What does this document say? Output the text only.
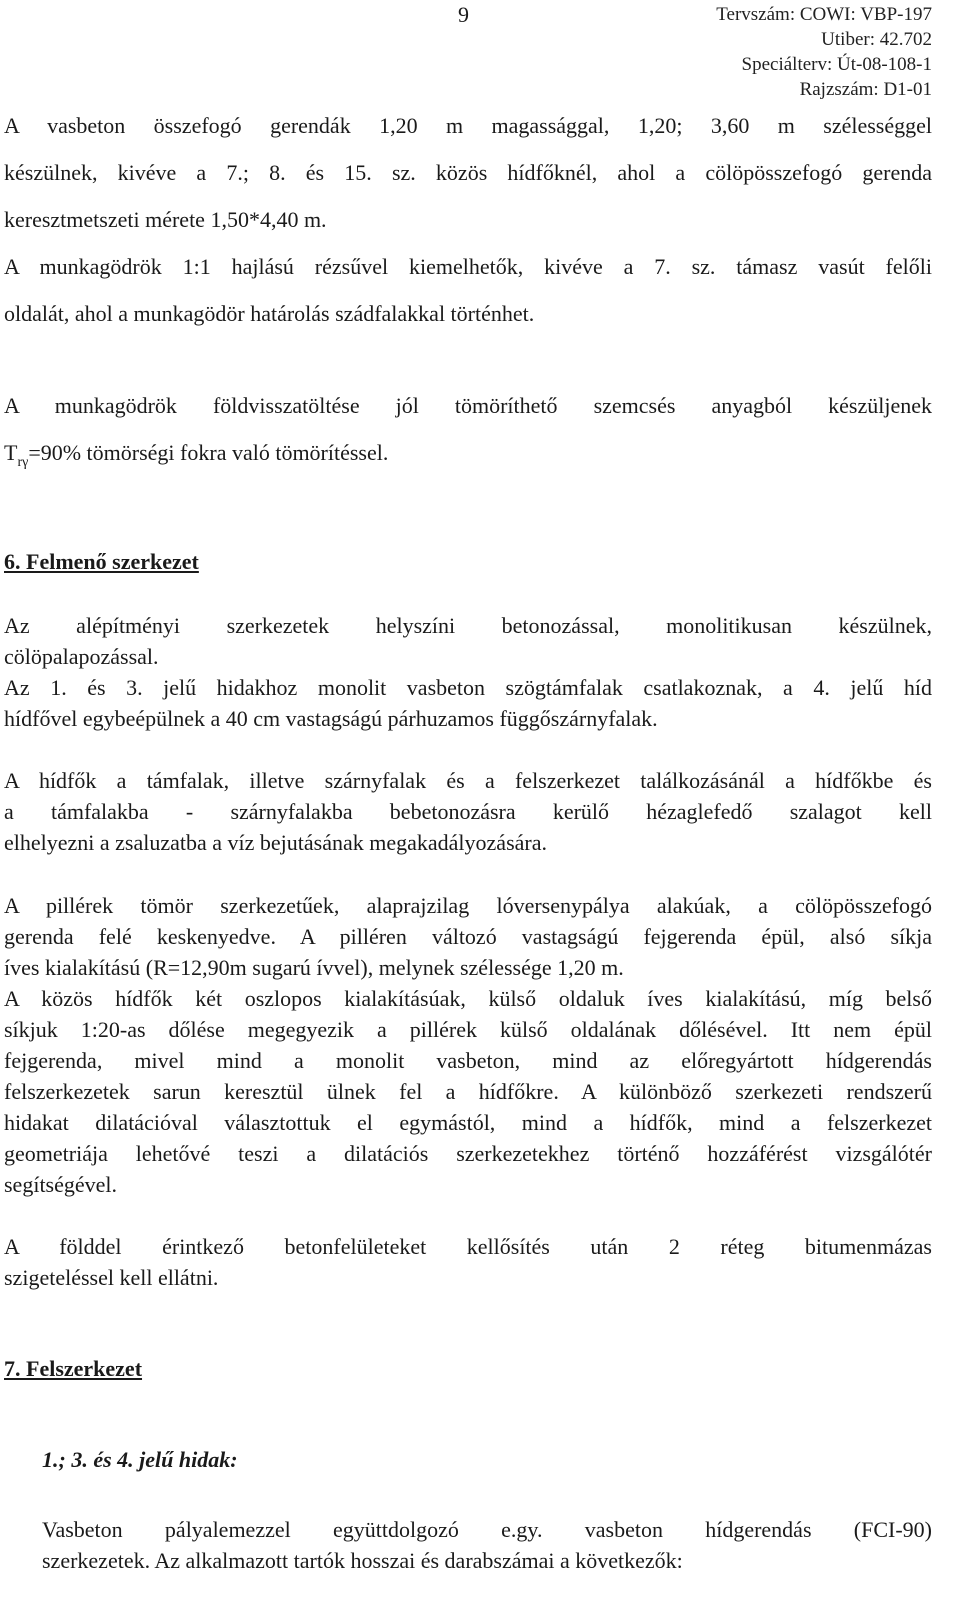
9	Tervszám: COWI: VBP-197
Utiber: 42.702
Speciálterv: Út-08-108-1
Rajzszám: D1-01
A vasbeton összefogó gerendák 1,20 m magassággal, 1,20; 3,60 m szélességgel
készülnek, kivéve a 7.; 8. és 15. sz. közös hídfőknél, ahol a cölöpösszefogó gerenda
keresztmetszeti mérete 1,50*4,40 m.
A munkagödrök 1:1 hajlású rézsűvel kiemelhetők, kivéve a 7. sz. támasz vasút felőli
oldalát, ahol a munkagödör határolás szádfalakkal történhet.
A munkagödrök földvisszatöltése jól tömöríthető szemcsés anyagból készüljenek
$T_{r\gamma}=90\%$ tömörségi fokra való tömörítéssel.
6. Felmenő szerkezet
Az alépítményi szerkezetek helyszíni betonozással, monolitikusan készülnek,
cölöpalapozással.
Az 1. és 3. jelű hidakhoz monolit vasbeton szögtámfalak csatlakoznak, a 4. jelű híd
hídfővel egybeépülnek a 40 cm vastagságú párhuzamos függőszárnyfalak.
A hídfők a támfalak, illetve szárnyfalak és a felszerkezet találkozásánál a hídfőkbe és
a támfalakba - szárnyfalakba bebetonozásra kerülő hézaglefedő szalagot kell
elhelyezni a zsaluzatba a víz bejutásának megakadályozására.
A pillérek tömör szerkezetűek, alaprajzilag lóversenypálya alakúak, a cölöpösszefogó
gerenda felé keskenyedve. A pilléren változó vastagságú fejgerenda épül, alsó síkja
íves kialakítású (R=12,90m sugarú ívvel), melynek szélessége 1,20 m.
A közös hídfők két oszlopos kialakításúak, külső oldaluk íves kialakítású, míg belső
síkjuk 1:20-as dőlése megegyezik a pillérek külső oldalának dőlésével. Itt nem épül
fejgerenda, mivel mind a monolit vasbeton, mind az előregyártott hídgerendás
felszerkezetek sarun keresztül ülnek fel a hídfőkre. A különböző szerkezeti rendszerű
hidakat dilatációval választottuk el egymástól, mind a hídfők, mind a felszerkezet
geometriája lehetővé teszi a dilatációs szerkezetekhez történő hozzáférést vizsgálótér
segítségével.
A földdel érintkező betonfelületeket kellősítés után 2 réteg bitumenmázas
szigeteléssel kell ellátni.
7. Felszerkezet
1.; 3. és 4. jelű hidak:
Vasbeton pályalemezzel együttdolgozó e.gy. vasbeton hídgerendás (FCI-90)
szerkezetek. Az alkalmazott tartók hosszai és darabszámai a következők:
